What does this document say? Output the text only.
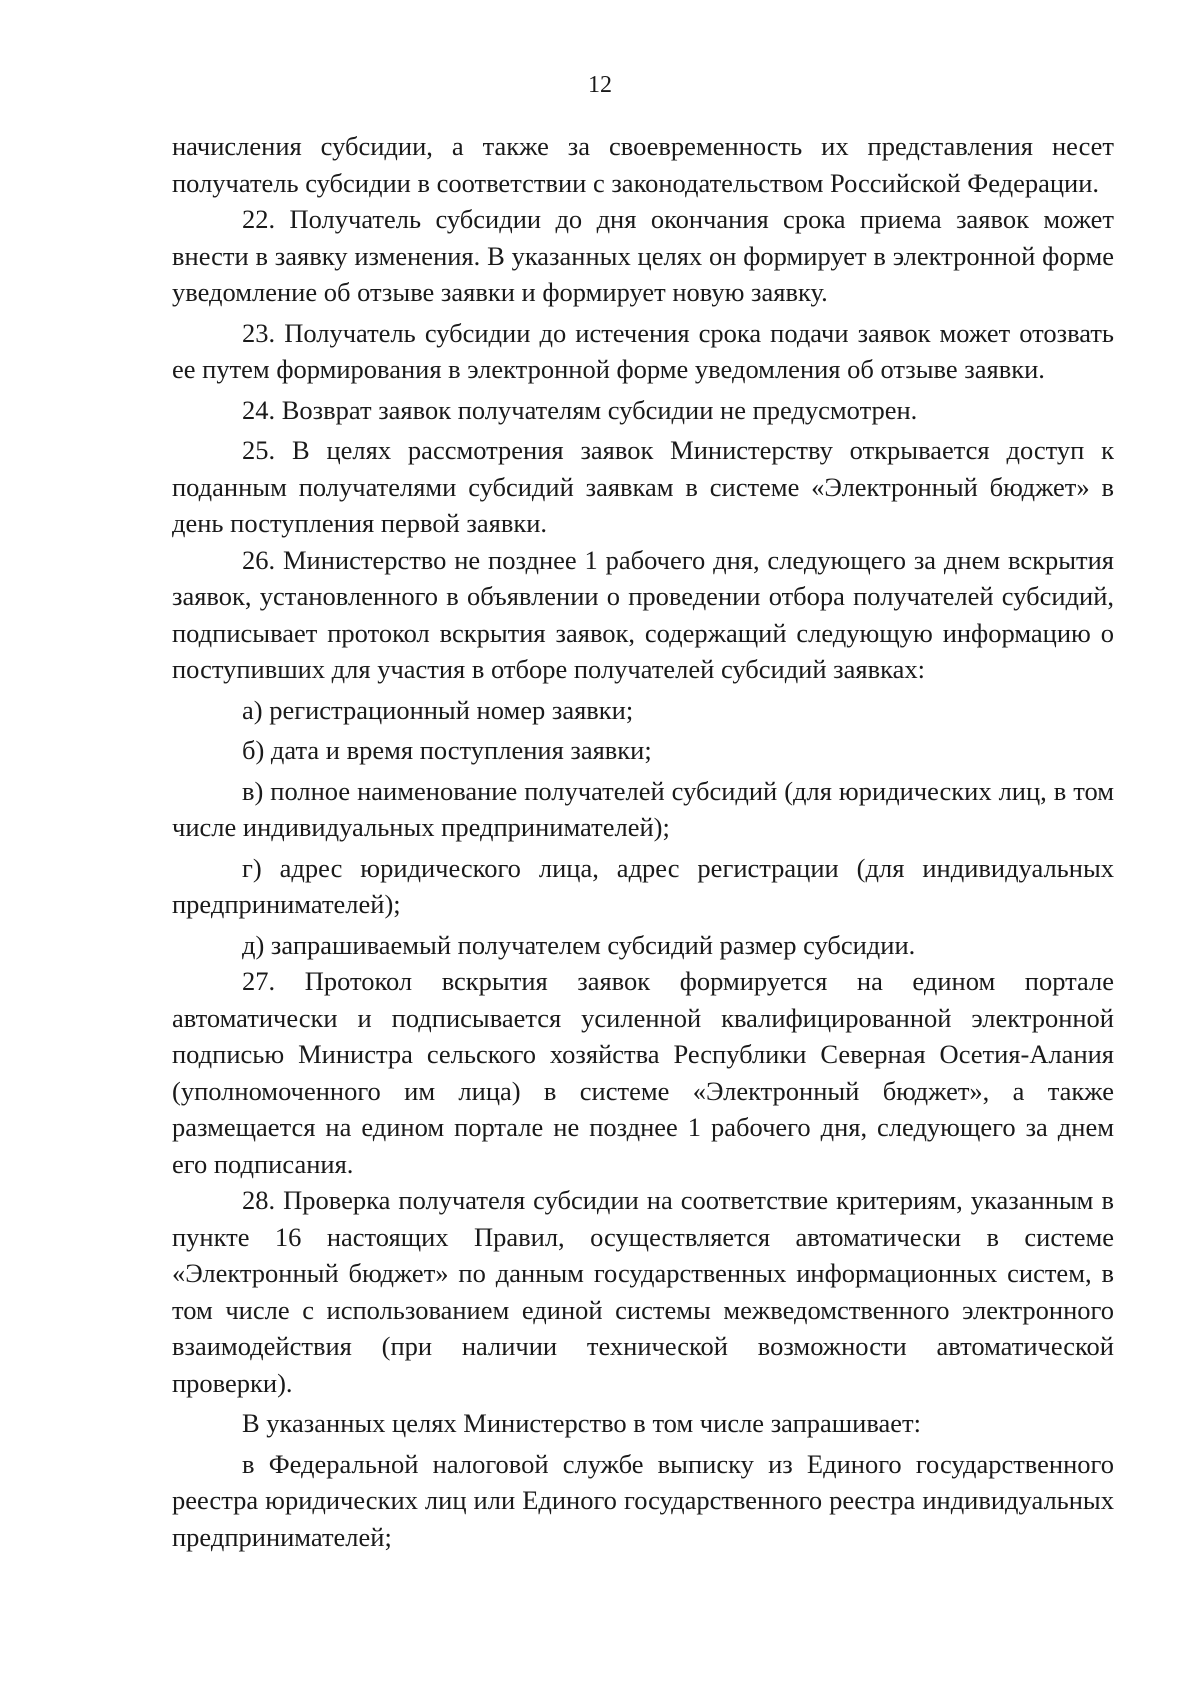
12

начисления субсидии, а также за своевременность их представления несет получатель субсидии в соответствии с законодательством Российской Федерации.

22. Получатель субсидии до дня окончания срока приема заявок может внести в заявку изменения. В указанных целях он формирует в электронной форме уведомление об отзыве заявки и формирует новую заявку.

23. Получатель субсидии до истечения срока подачи заявок может отозвать ее путем формирования в электронной форме уведомления об отзыве заявки.

24. Возврат заявок получателям субсидии не предусмотрен.

25. В целях рассмотрения заявок Министерству открывается доступ к поданным получателями субсидий заявкам в системе «Электронный бюджет» в день поступления первой заявки.

26. Министерство не позднее 1 рабочего дня, следующего за днем вскрытия заявок, установленного в объявлении о проведении отбора получателей субсидий, подписывает протокол вскрытия заявок, содержащий следующую информацию о поступивших для участия в отборе получателей субсидий заявках:

а) регистрационный номер заявки;

б) дата и время поступления заявки;

в) полное наименование получателей субсидий (для юридических лиц, в том числе индивидуальных предпринимателей);

г) адрес юридического лица, адрес регистрации (для индивидуальных предпринимателей);

д) запрашиваемый получателем субсидий размер субсидии.

27. Протокол вскрытия заявок формируется на едином портале автоматически и подписывается усиленной квалифицированной электронной подписью Министра сельского хозяйства Республики Северная Осетия-Алания (уполномоченного им лица) в системе «Электронный бюджет», а также размещается на едином портале не позднее 1 рабочего дня, следующего за днем его подписания.

28. Проверка получателя субсидии на соответствие критериям, указанным в пункте 16 настоящих Правил, осуществляется автоматически в системе «Электронный бюджет» по данным государственных информационных систем, в том числе с использованием единой системы межведомственного электронного взаимодействия (при наличии технической возможности автоматической проверки).

В указанных целях Министерство в том числе запрашивает:

в Федеральной налоговой службе выписку из Единого государственного реестра юридических лиц или Единого государственного реестра индивидуальных предпринимателей;
